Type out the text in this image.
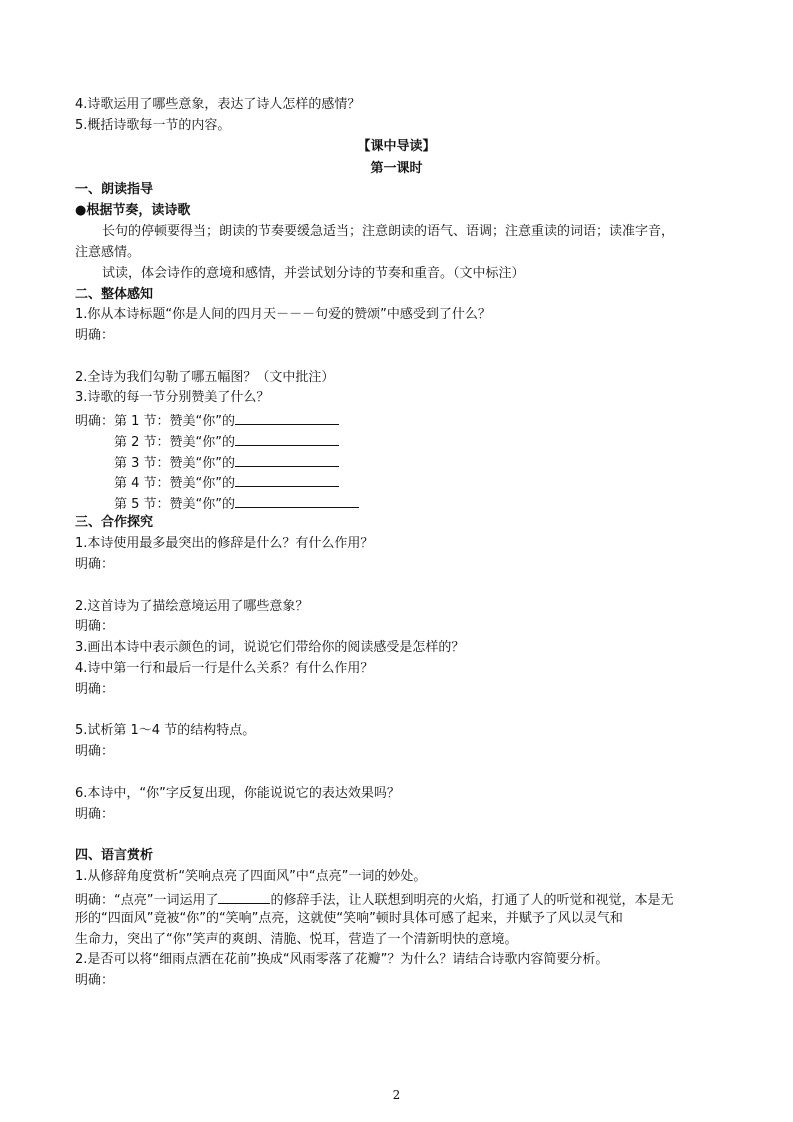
4.诗歌运用了哪些意象，表达了诗人怎样的感情？
5.概括诗歌每一节的内容。
【课中导读】
第一课时
一、朗读指导
●根据节奏，读诗歌
长句的停顿要得当；朗读的节奏要缓急适当；注意朗读的语气、语调；注意重读的词语；读准字音，
注意感情。
试读，体会诗作的意境和感情，并尝试划分诗的节奏和重音。（文中标注）
二、整体感知
1.你从本诗标题“你是人间的四月天－－－句爱的赞颂”中感受到了什么？
明确：
2.全诗为我们勾勒了哪五幅图？（文中批注）
3.诗歌的每一节分别赞美了什么？
明确：第 1 节：赞美“你”的
第 2 节：赞美“你”的
第 3 节：赞美“你”的
第 4 节：赞美“你”的
第 5 节：赞美“你”的
三、合作探究
1.本诗使用最多最突出的修辞是什么？有什么作用？
明确：
2.这首诗为了描绘意境运用了哪些意象？
明确：
3.画出本诗中表示颜色的词，说说它们带给你的阅读感受是怎样的？
4.诗中第一行和最后一行是什么关系？有什么作用？
明确：
5.试析第 1～4 节的结构特点。
明确：
6.本诗中，“你”字反复出现，你能说说它的表达效果吗？
明确：
四、语言赏析
1.从修辞角度赏析“笑响点亮了四面风”中“点亮”一词的妙处。
明确：“点亮”一词运用了	的修辞手法，让人联想到明亮的火焰，打通了人的听觉和视觉，本是无
形的“四面风”竟被“你”的“笑响”点亮，这就使“笑响”顿时具体可感了起来，并赋予了风以灵气和
生命力，突出了“你”笑声的爽朗、清脆、悦耳，营造了一个清新明快的意境。
2.是否可以将“细雨点洒在花前”换成“风雨零落了花瓣”？为什么？请结合诗歌内容简要分析。
明确：
2
